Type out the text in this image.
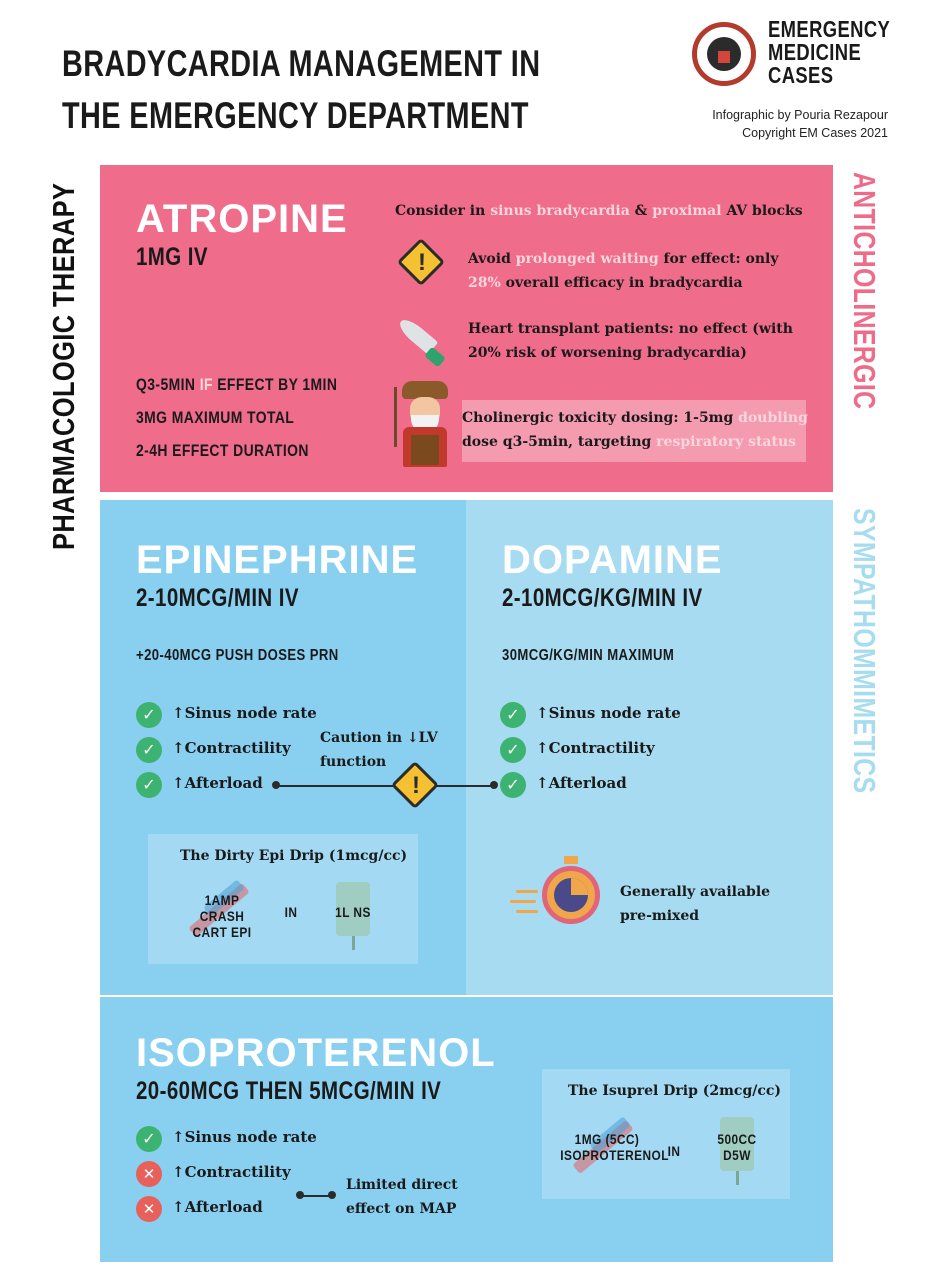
BRADYCARDIA MANAGEMENT IN
THE EMERGENCY DEPARTMENT
EMERGENCY
MEDICINE
CASES
Infographic by Pouria Rezapour
Copyright EM Cases 2021
PHARMACOLOGIC THERAPY ATROPINE
1MG IV
Consider in sinus bradycardia & proximal AV blocks
!	Avoid prolonged waiting for effect: only
28% overall efficacy in bradycardia
Heart transplant patients: no effect (with
20% risk of worsening bradycardia)
Q3-5MIN IF EFFECT BY 1MIN
3MG MAXIMUM TOTAL
2-4H EFFECT DURATION
Cholinergic toxicity dosing: 1-5mg doubling
dose q3-5min, targeting respiratory status
ANTICHOLINERGIC
SYMPATHOMMIMETICS
EPINEPHRINE
2-10MCG/MIN IV
+20-40MCG PUSH DOSES PRN
✓	↑Sinus node rate
✓	↑Contractility
✓	↑Afterload
Caution in ↓LV
function
The Dirty Epi Drip (1mcg/cc)
1AMP CRASH
CART EPI
IN	1L NS
DOPAMINE
2-10MCG/KG/MIN IV
30MCG/KG/MIN MAXIMUM
✓	↑Sinus node rate
✓	↑Contractility
✓	↑Afterload
Generally available
pre-mixed
!
ISOPROTERENOL
20-60MCG THEN 5MCG/MIN IV
✓	↑Sinus node rate
✕	↑Contractility
✕	↑Afterload
Limited direct
effect on MAP
The Isuprel Drip (2mcg/cc)
1MG (5CC)
ISOPROTERENOL
IN
500CC
D5W
